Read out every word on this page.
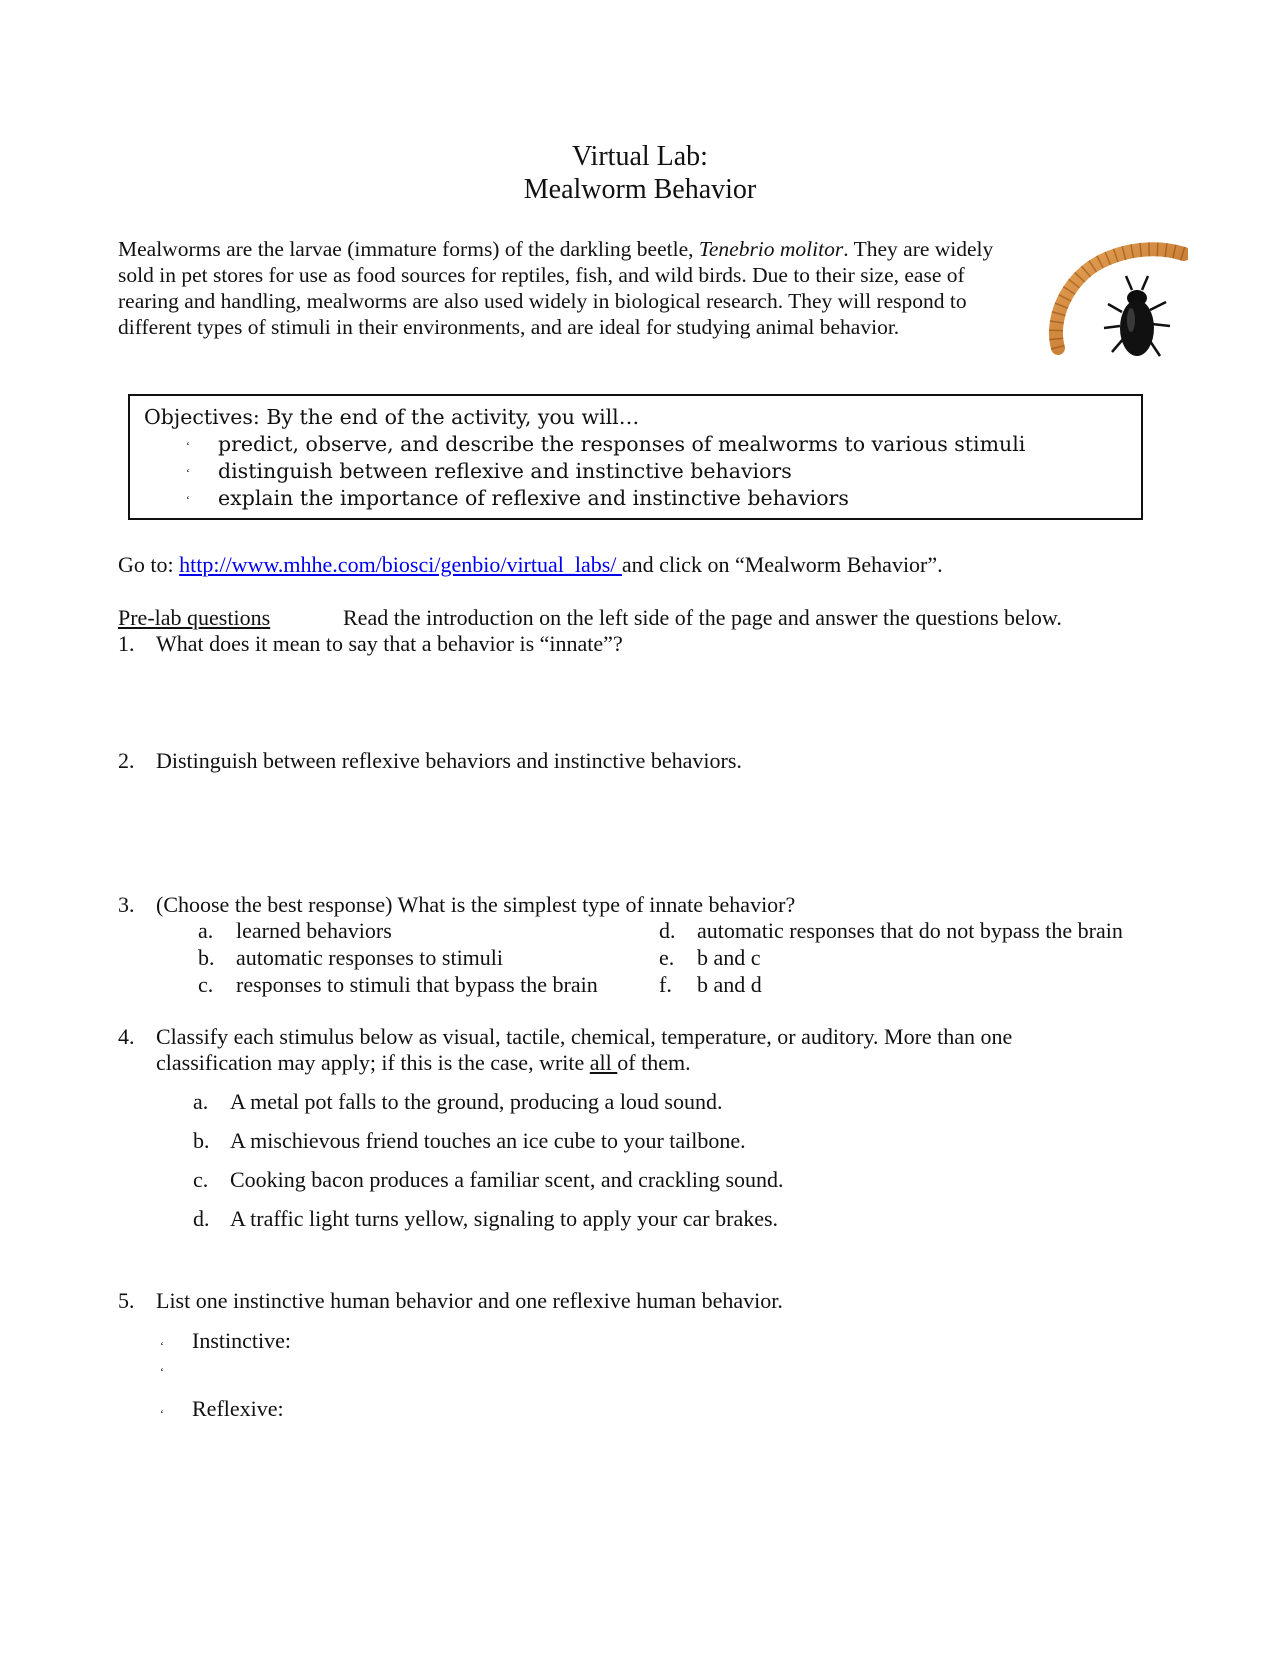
Virtual Lab:
Mealworm Behavior
Mealworms are the larvae (immature forms) of the darkling beetle, Tenebrio molitor. They are widely sold in pet stores for use as food sources for reptiles, fish, and wild birds. Due to their size, ease of rearing and handling, mealworms are also used widely in biological research. They will respond to different types of stimuli in their environments, and are ideal for studying animal behavior.
Objectives: By the end of the activity, you will…
‘ predict, observe, and describe the responses of mealworms to various stimuli
‘ distinguish between reflexive and instinctive behaviors
‘ explain the importance of reflexive and instinctive behaviors
Go to: http://www.mhhe.com/biosci/genbio/virtual_labs/ and click on “Mealworm Behavior”.
Pre-lab questions	Read the introduction on the left side of the page and answer the questions below.
1. What does it mean to say that a behavior is “innate”?
2. Distinguish between reflexive behaviors and instinctive behaviors.
3. (Choose the best response) What is the simplest type of innate behavior?
a. learned behaviors
b. automatic responses to stimuli
c. responses to stimuli that bypass the brain
d. automatic responses that do not bypass the brain
e. b and c
f. b and d
4. Classify each stimulus below as visual, tactile, chemical, temperature, or auditory. More than one
classification may apply; if this is the case, write all of them.
a. A metal pot falls to the ground, producing a loud sound.
b. A mischievous friend touches an ice cube to your tailbone.
c. Cooking bacon produces a familiar scent, and crackling sound.
d. A traffic light turns yellow, signaling to apply your car brakes.
5. List one instinctive human behavior and one reflexive human behavior.
‘ Instinctive:
‘
‘ Reflexive:
